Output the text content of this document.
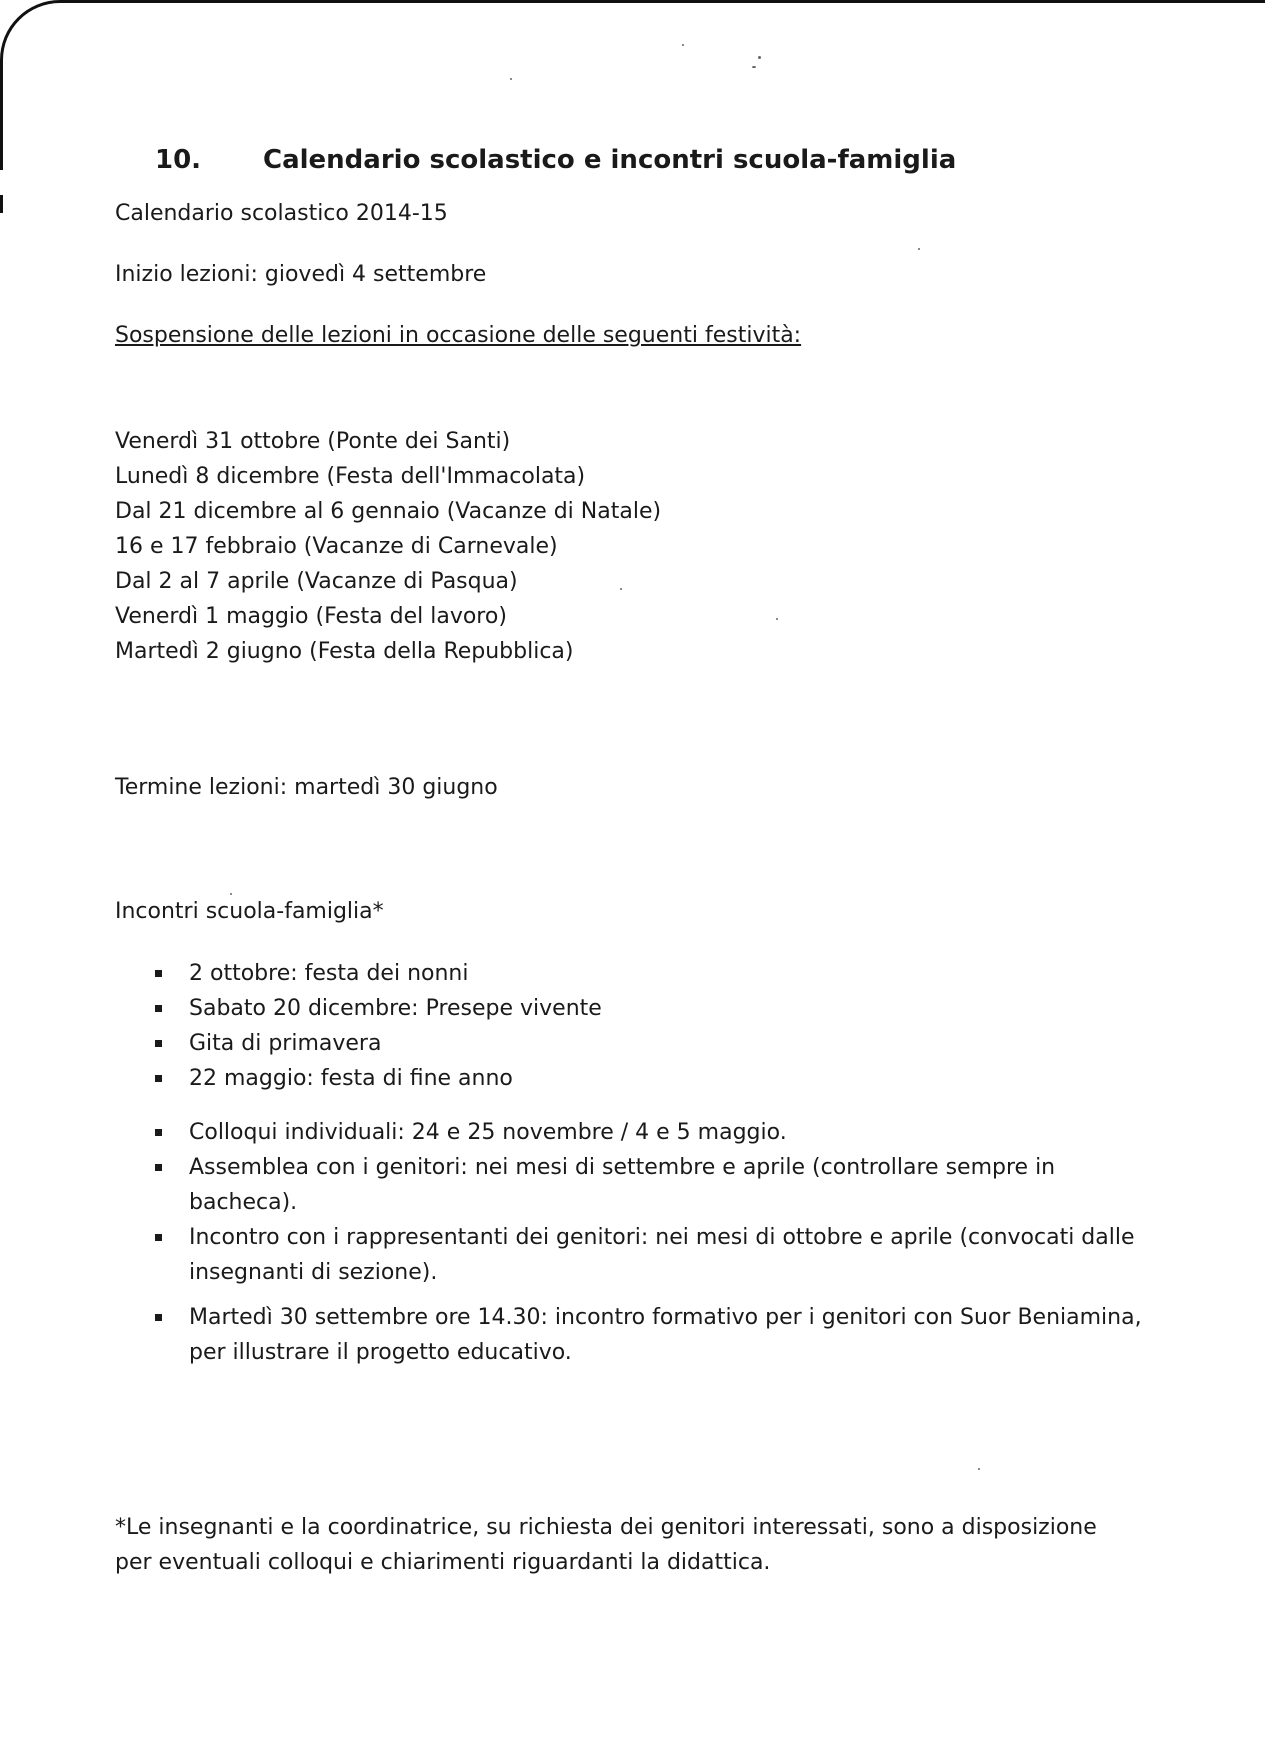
10. Calendario scolastico e incontri scuola-famiglia
Calendario scolastico 2014-15
Inizio lezioni: giovedì 4 settembre
Sospensione delle lezioni in occasione delle seguenti festività:
Venerdì 31 ottobre (Ponte dei Santi)
Lunedì 8 dicembre (Festa dell'Immacolata)
Dal 21 dicembre al 6 gennaio (Vacanze di Natale)
16 e 17 febbraio (Vacanze di Carnevale)
Dal 2 al 7 aprile (Vacanze di Pasqua)
Venerdì 1 maggio (Festa del lavoro)
Martedì 2 giugno (Festa della Repubblica)
Termine lezioni: martedì 30 giugno
Incontri scuola-famiglia*
2 ottobre: festa dei nonni
Sabato 20 dicembre: Presepe vivente
Gita di primavera
22 maggio: festa di fine anno
Colloqui individuali: 24 e 25 novembre / 4 e 5 maggio.
Assemblea con i genitori: nei mesi di settembre e aprile (controllare sempre in bacheca).
Incontro con i rappresentanti dei genitori: nei mesi di ottobre e aprile (convocati dalle insegnanti di sezione).
Martedì 30 settembre ore 14.30: incontro formativo per i genitori con Suor Beniamina, per illustrare il progetto educativo.
*Le insegnanti e la coordinatrice, su richiesta dei genitori interessati, sono a disposizione per eventuali colloqui e chiarimenti riguardanti la didattica.
